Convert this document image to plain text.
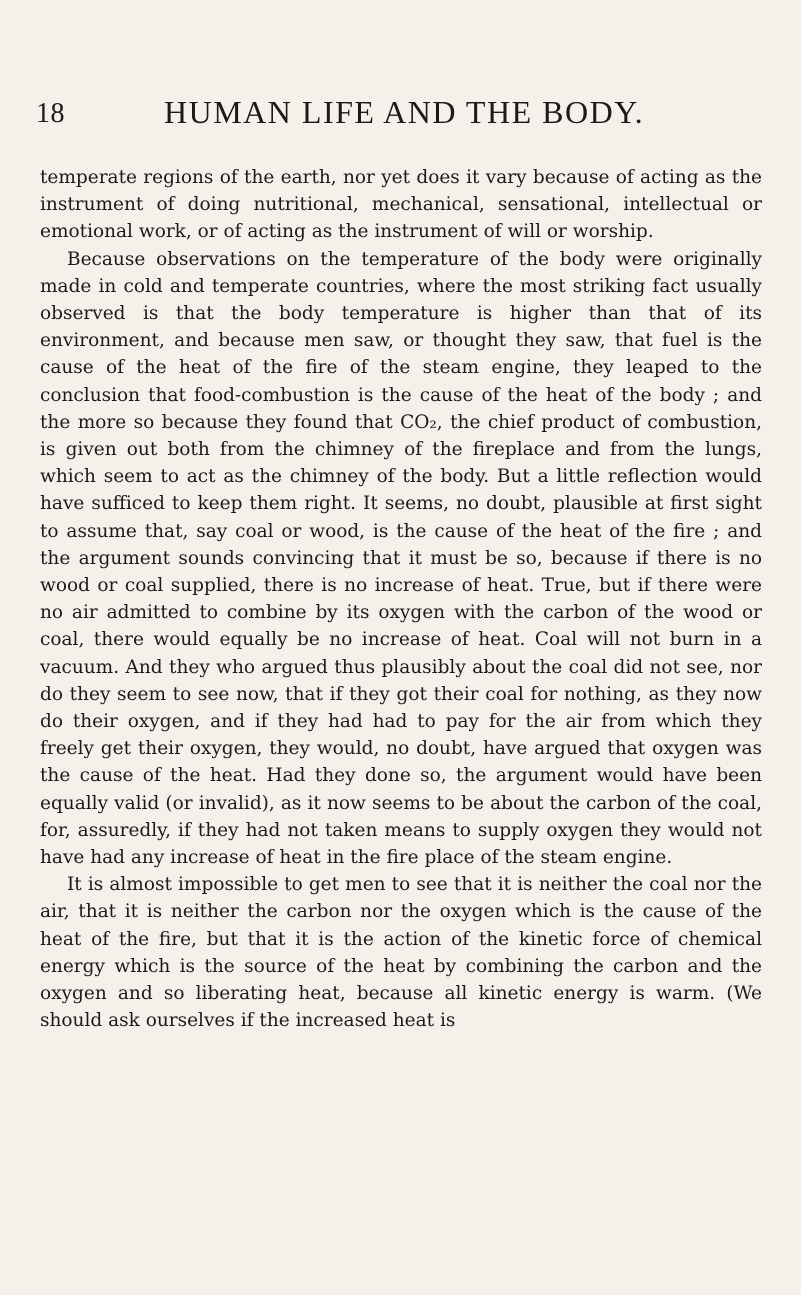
18	HUMAN LIFE AND THE BODY.

temperate regions of the earth, nor yet does it vary because of acting as the instrument of doing nutritional, mechanical, sensational, intellectual or emotional work, or of acting as the instrument of will or worship.

Because observations on the temperature of the body were originally made in cold and temperate countries, where the most striking fact usually observed is that the body temperature is higher than that of its environment, and because men saw, or thought they saw, that fuel is the cause of the heat of the fire of the steam engine, they leaped to the conclusion that food-combustion is the cause of the heat of the body ; and the more so because they found that CO₂, the chief product of combustion, is given out both from the chimney of the fireplace and from the lungs, which seem to act as the chimney of the body. But a little reflection would have sufficed to keep them right. It seems, no doubt, plausible at first sight to assume that, say coal or wood, is the cause of the heat of the fire ; and the argument sounds convincing that it must be so, because if there is no wood or coal supplied, there is no increase of heat. True, but if there were no air admitted to combine by its oxygen with the carbon of the wood or coal, there would equally be no increase of heat. Coal will not burn in a vacuum. And they who argued thus plausibly about the coal did not see, nor do they seem to see now, that if they got their coal for nothing, as they now do their oxygen, and if they had had to pay for the air from which they freely get their oxygen, they would, no doubt, have argued that oxygen was the cause of the heat. Had they done so, the argument would have been equally valid (or invalid), as it now seems to be about the carbon of the coal, for, assuredly, if they had not taken means to supply oxygen they would not have had any increase of heat in the fire place of the steam engine.

It is almost impossible to get men to see that it is neither the coal nor the air, that it is neither the carbon nor the oxygen which is the cause of the heat of the fire, but that it is the action of the kinetic force of chemical energy which is the source of the heat by combining the carbon and the oxygen and so liberating heat, because all kinetic energy is warm. (We should ask ourselves if the increased heat is
